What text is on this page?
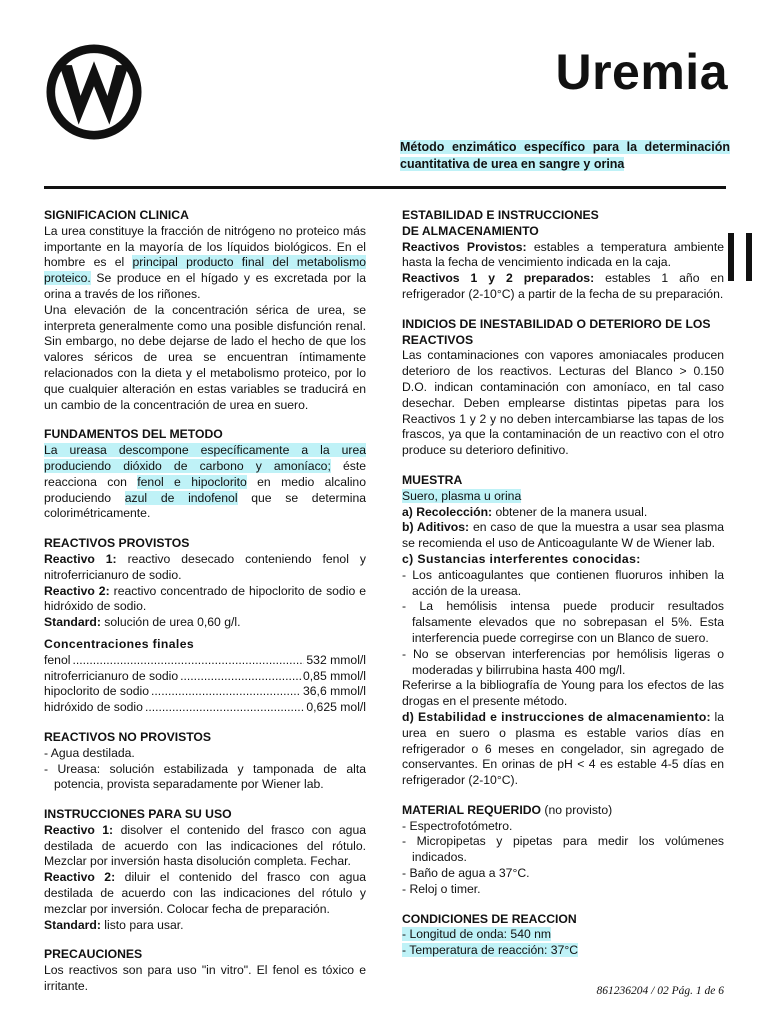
Uremia

Método enzimático específico para la determinación cuantitativa de urea en sangre y orina

SIGNIFICACION CLINICA

La urea constituye la fracción de nitrógeno no proteico más importante en la mayoría de los líquidos biológicos. En el hombre es el principal producto final del metabolismo proteico. Se produce en el hígado y es excretada por la orina a través de los riñones.

Una elevación de la concentración sérica de urea, se interpreta generalmente como una posible disfunción renal. Sin embargo, no debe dejarse de lado el hecho de que los valores séricos de urea se encuentran íntimamente relacionados con la dieta y el metabolismo proteico, por lo que cualquier alteración en estas variables se traducirá en un cambio de la concentración de urea en suero.

FUNDAMENTOS DEL METODO

La ureasa descompone específicamente a la urea produciendo dióxido de carbono y amoníaco; éste reacciona con fenol e hipoclorito en medio alcalino produciendo azul de indofenol que se determina colorimétricamente.

REACTIVOS PROVISTOS

Reactivo 1: reactivo desecado conteniendo fenol y nitroferricianuro de sodio.

Reactivo 2: reactivo concentrado de hipoclorito de sodio e hidróxido de sodio.

Standard: solución de urea 0,60 g/l.

Concentraciones finales

fenol .....	532 mmol/l
nitroferricianuro de sodio .....	0,85 mmol/l
hipoclorito de sodio .....	36,6 mmol/l
hidróxido de sodio .....	0,625 mol/l

REACTIVOS NO PROVISTOS

- Agua destilada.

- Ureasa: solución estabilizada y tamponada de alta potencia, provista separadamente por Wiener lab.

INSTRUCCIONES PARA SU USO

Reactivo 1: disolver el contenido del frasco con agua destilada de acuerdo con las indicaciones del rótulo. Mezclar por inversión hasta disolución completa. Fechar.

Reactivo 2: diluir el contenido del frasco con agua destilada de acuerdo con las indicaciones del rótulo y mezclar por inversión. Colocar fecha de preparación.

Standard: listo para usar.

PRECAUCIONES

Los reactivos son para uso "in vitro". El fenol es tóxico e irritante.

ESTABILIDAD E INSTRUCCIONES

DE ALMACENAMIENTO

Reactivos Provistos: estables a temperatura ambiente hasta la fecha de vencimiento indicada en la caja.

Reactivos 1 y 2 preparados: estables 1 año en refrigerador (2-10°C) a partir de la fecha de su preparación.

INDICIOS DE INESTABILIDAD O DETERIORO DE LOS REACTIVOS

Las contaminaciones con vapores amoniacales producen deterioro de los reactivos. Lecturas del Blanco > 0.150 D.O. indican contaminación con amoníaco, en tal caso desechar. Deben emplearse distintas pipetas para los Reactivos 1 y 2 y no deben intercambiarse las tapas de los frascos, ya que la contaminación de un reactivo con el otro produce su deterioro definitivo.

MUESTRA

Suero, plasma u orina

a) Recolección: obtener de la manera usual.

b) Aditivos: en caso de que la muestra a usar sea plasma se recomienda el uso de Anticoagulante W de Wiener lab.

c) Sustancias interferentes conocidas:

- Los anticoagulantes que contienen fluoruros inhiben la acción de la ureasa.

- La hemólisis intensa puede producir resultados falsamente elevados que no sobrepasan el 5%. Esta interferencia puede corregirse con un Blanco de suero.

- No se observan interferencias por hemólisis ligeras o moderadas y bilirrubina hasta 400 mg/l.

Referirse a la bibliografía de Young para los efectos de las drogas en el presente método.

d) Estabilidad e instrucciones de almacenamiento: la urea en suero o plasma es estable varios días en refrigerador o 6 meses en congelador, sin agregado de conservantes. En orinas de pH < 4 es estable 4-5 días en refrigerador (2-10°C).

MATERIAL REQUERIDO (no provisto)

- Espectrofotómetro.

- Micropipetas y pipetas para medir los volúmenes indicados.

- Baño de agua a 37°C.

- Reloj o timer.

CONDICIONES DE REACCION

- Longitud de onda: 540 nm

- Temperatura de reacción: 37°C

861236204 / 02 Pág. 1 de 6
